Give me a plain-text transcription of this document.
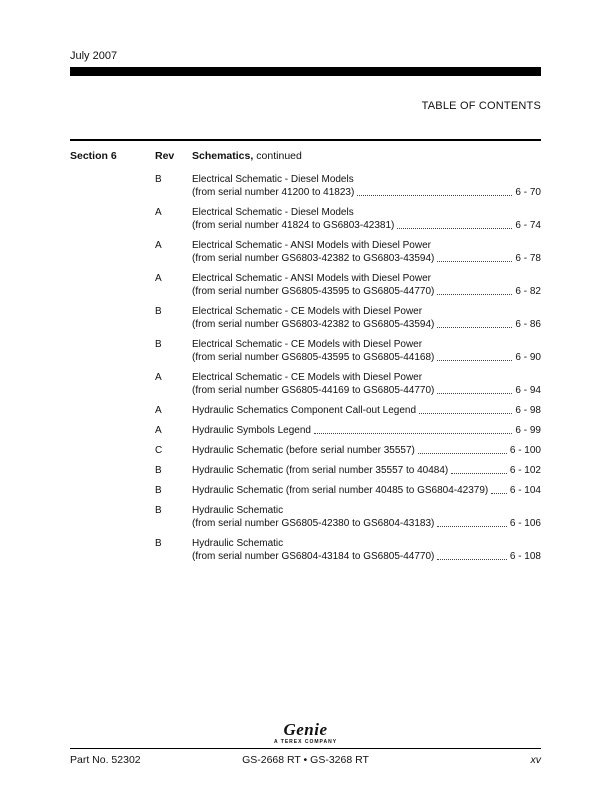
July 2007
TABLE OF CONTENTS
Section 6	Rev	Schematics, continued
B	Electrical Schematic - Diesel Models
(from serial number 41200 to 41823)	6 - 70
A	Electrical Schematic - Diesel Models
(from serial number 41824 to GS6803-42381)	6 - 74
A	Electrical Schematic - ANSI Models with Diesel Power
(from serial number GS6803-42382 to GS6803-43594)	6 - 78
A	Electrical Schematic - ANSI Models with Diesel Power
(from serial number GS6805-43595 to GS6805-44770)	6 - 82
B	Electrical Schematic - CE Models with Diesel Power
(from serial number GS6803-42382 to GS6805-43594)	6 - 86
B	Electrical Schematic - CE Models with Diesel Power
(from serial number GS6805-43595 to GS6805-44168)	6 - 90
A	Electrical Schematic - CE Models with Diesel Power
(from serial number GS6805-44169 to GS6805-44770)	6 - 94
A	Hydraulic Schematics Component Call-out Legend	6 - 98
A	Hydraulic Symbols Legend	6 - 99
C	Hydraulic Schematic (before serial number 35557)	6 - 100
B	Hydraulic Schematic (from serial number 35557 to 40484)	6 - 102
B	Hydraulic Schematic (from serial number 40485 to GS6804-42379) 6 - 104
B	Hydraulic Schematic
(from serial number GS6805-42380 to GS6804-43183)	6 - 106
B	Hydraulic Schematic
(from serial number GS6804-43184 to GS6805-44770)	6 - 108
Genie
A TEREX COMPANY
Part No. 52302	GS-2668 RT • GS-3268 RT	xv
